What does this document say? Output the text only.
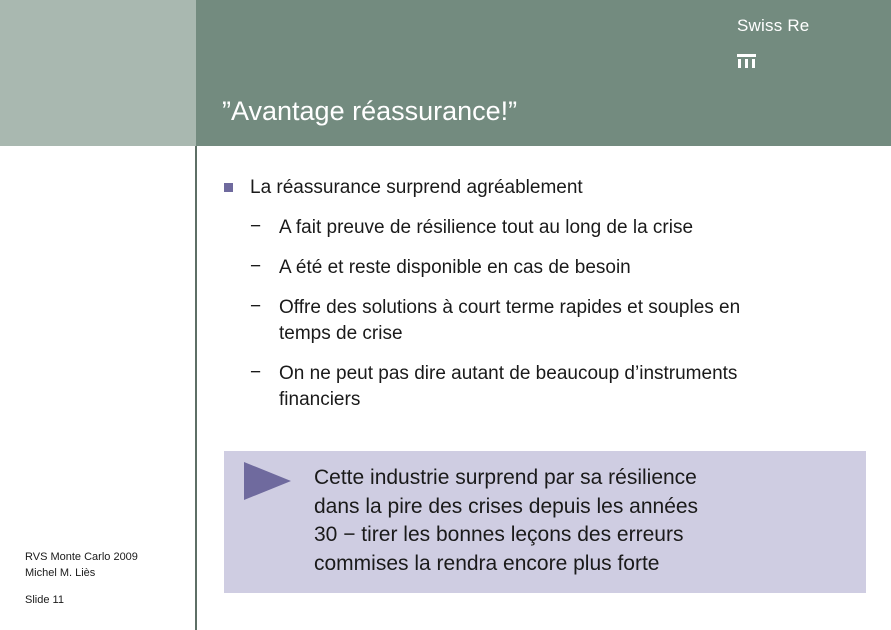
Swiss Re
”Avantage réassurance!”
La réassurance surprend agréablement
− A fait preuve de résilience tout au long de la crise
− A été et reste disponible en cas de besoin
− Offre des solutions à court terme rapides et souples en
temps de crise
− On ne peut pas dire autant de beaucoup d’instruments
financiers
Cette industrie surprend par sa résilience
dans la pire des crises depuis les années
30 − tirer les bonnes leçons des erreurs
commises la rendra encore plus forte
RVS Monte Carlo 2009
Michel M. Liès
Slide 11
